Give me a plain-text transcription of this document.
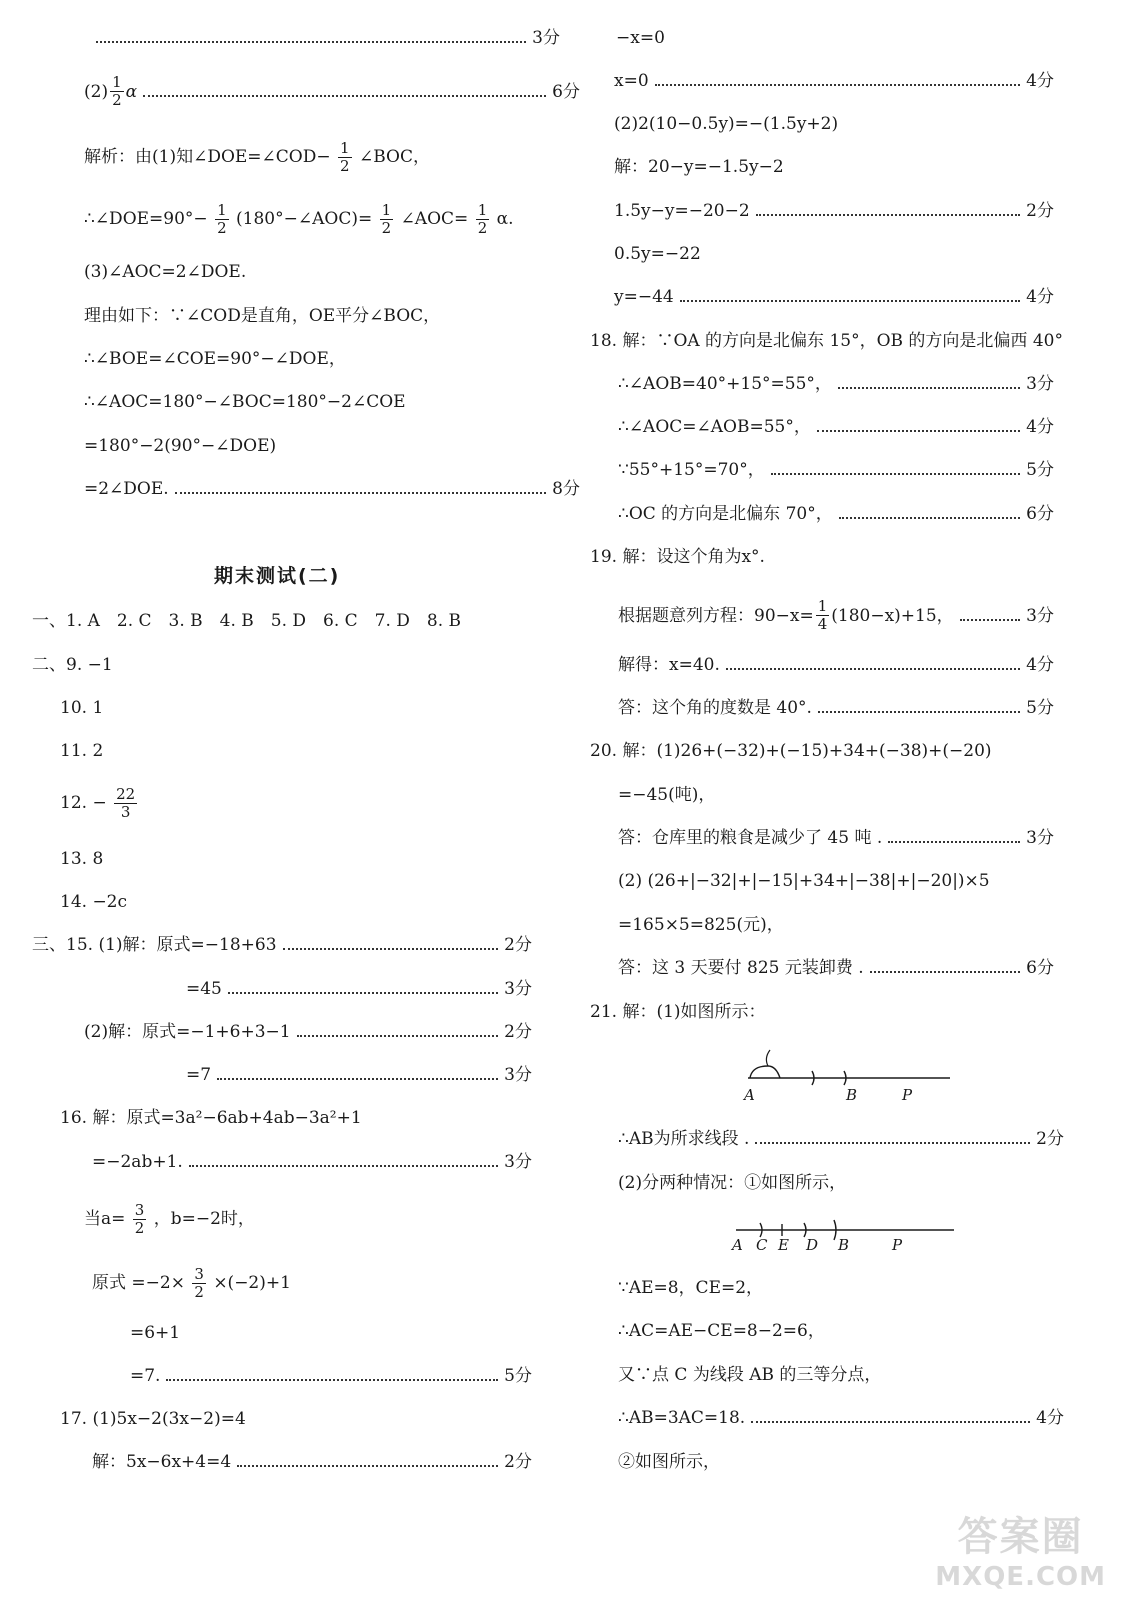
3分
$(2) \frac{1}{2}$ α	6分
解析：由(1)知∠DOE=∠COD− $\frac{1}{2}$ ∠BOC，
∴∠DOE=90°− $\frac{1}{2}$ (180°−∠AOC)= $\frac{1}{2}$ ∠AOC= $\frac{1}{2} \alpha$.
(3)∠AOC=2∠DOE.
理由如下：∵∠COD是直角，OE平分∠BOC，
∴∠BOE=∠COE=90°−∠DOE，
∴∠AOC=180°−∠BOC=180°−2∠COE
=180°−2(90°−∠DOE)
=2∠DOE.	8分
期末测试(二)
一、1. A　2. C　3. B　4. B　5. D　6. C　7. D　8. B
二、9. −1
10. 1
11. 2
12. − $\frac{22}{3}$
13. 8
14. −2c
三、15. (1)解：原式=−18+63	2分
=45	3分
(2)解：原式=−1+6+3−1	2分
=7	3分
16. 解：原式=3a²−6ab+4ab−3a²+1
=−2ab+1.	3分
当$a= \frac{3}{2}$ ，b=−2时，
原式 $=-2\times \frac{3}{2} \times(-2)+1$
=6+1
=7.	5分
17. (1)5x−2(3x−2)=4
解：5x−6x+4=4	2分
−x=0
x=0	4分
(2)2(10−0.5y)=−(1.5y+2)
解：20−y=−1.5y−2
1.5y−y=−20−2	2分
0.5y=−22
y=−44	4分
18. 解：∵OA 的方向是北偏东 15°，OB 的方向是北偏西 40°
∴∠AOB=40°+15°=55°，	3分
∴∠AOC=∠AOB=55°，	4分
∵55°+15°=70°，	5分
∴OC 的方向是北偏东 70°，	6分
19. 解：设这个角为x°.
根据题意列方程：$90-x= \frac{1}{4} (180-x)+15$，	3分
解得：x=40.	4分
答：这个角的度数是 40°.	5分
20. 解：(1)26+(−32)+(−15)+34+(−38)+(−20)
=−45(吨)，
答：仓库里的粮食是减少了 45 吨 .	3分
(2) (26+|−32|+|−15|+34+|−38|+|−20|)×5
=165×5=825(元)，
答：这 3 天要付 825 元装卸费 .	6分
21. 解：(1)如图所示：
A	B	P
∴AB为所求线段 .	2分
(2)分两种情况：①如图所示，
A C E D B	P
∵AE=8，CE=2，
∴AC=AE−CE=8−2=6，
又∵点 C 为线段 AB 的三等分点，
∴AB=3AC=18.	4分
②如图所示，
答案圈
MXQE.COM
